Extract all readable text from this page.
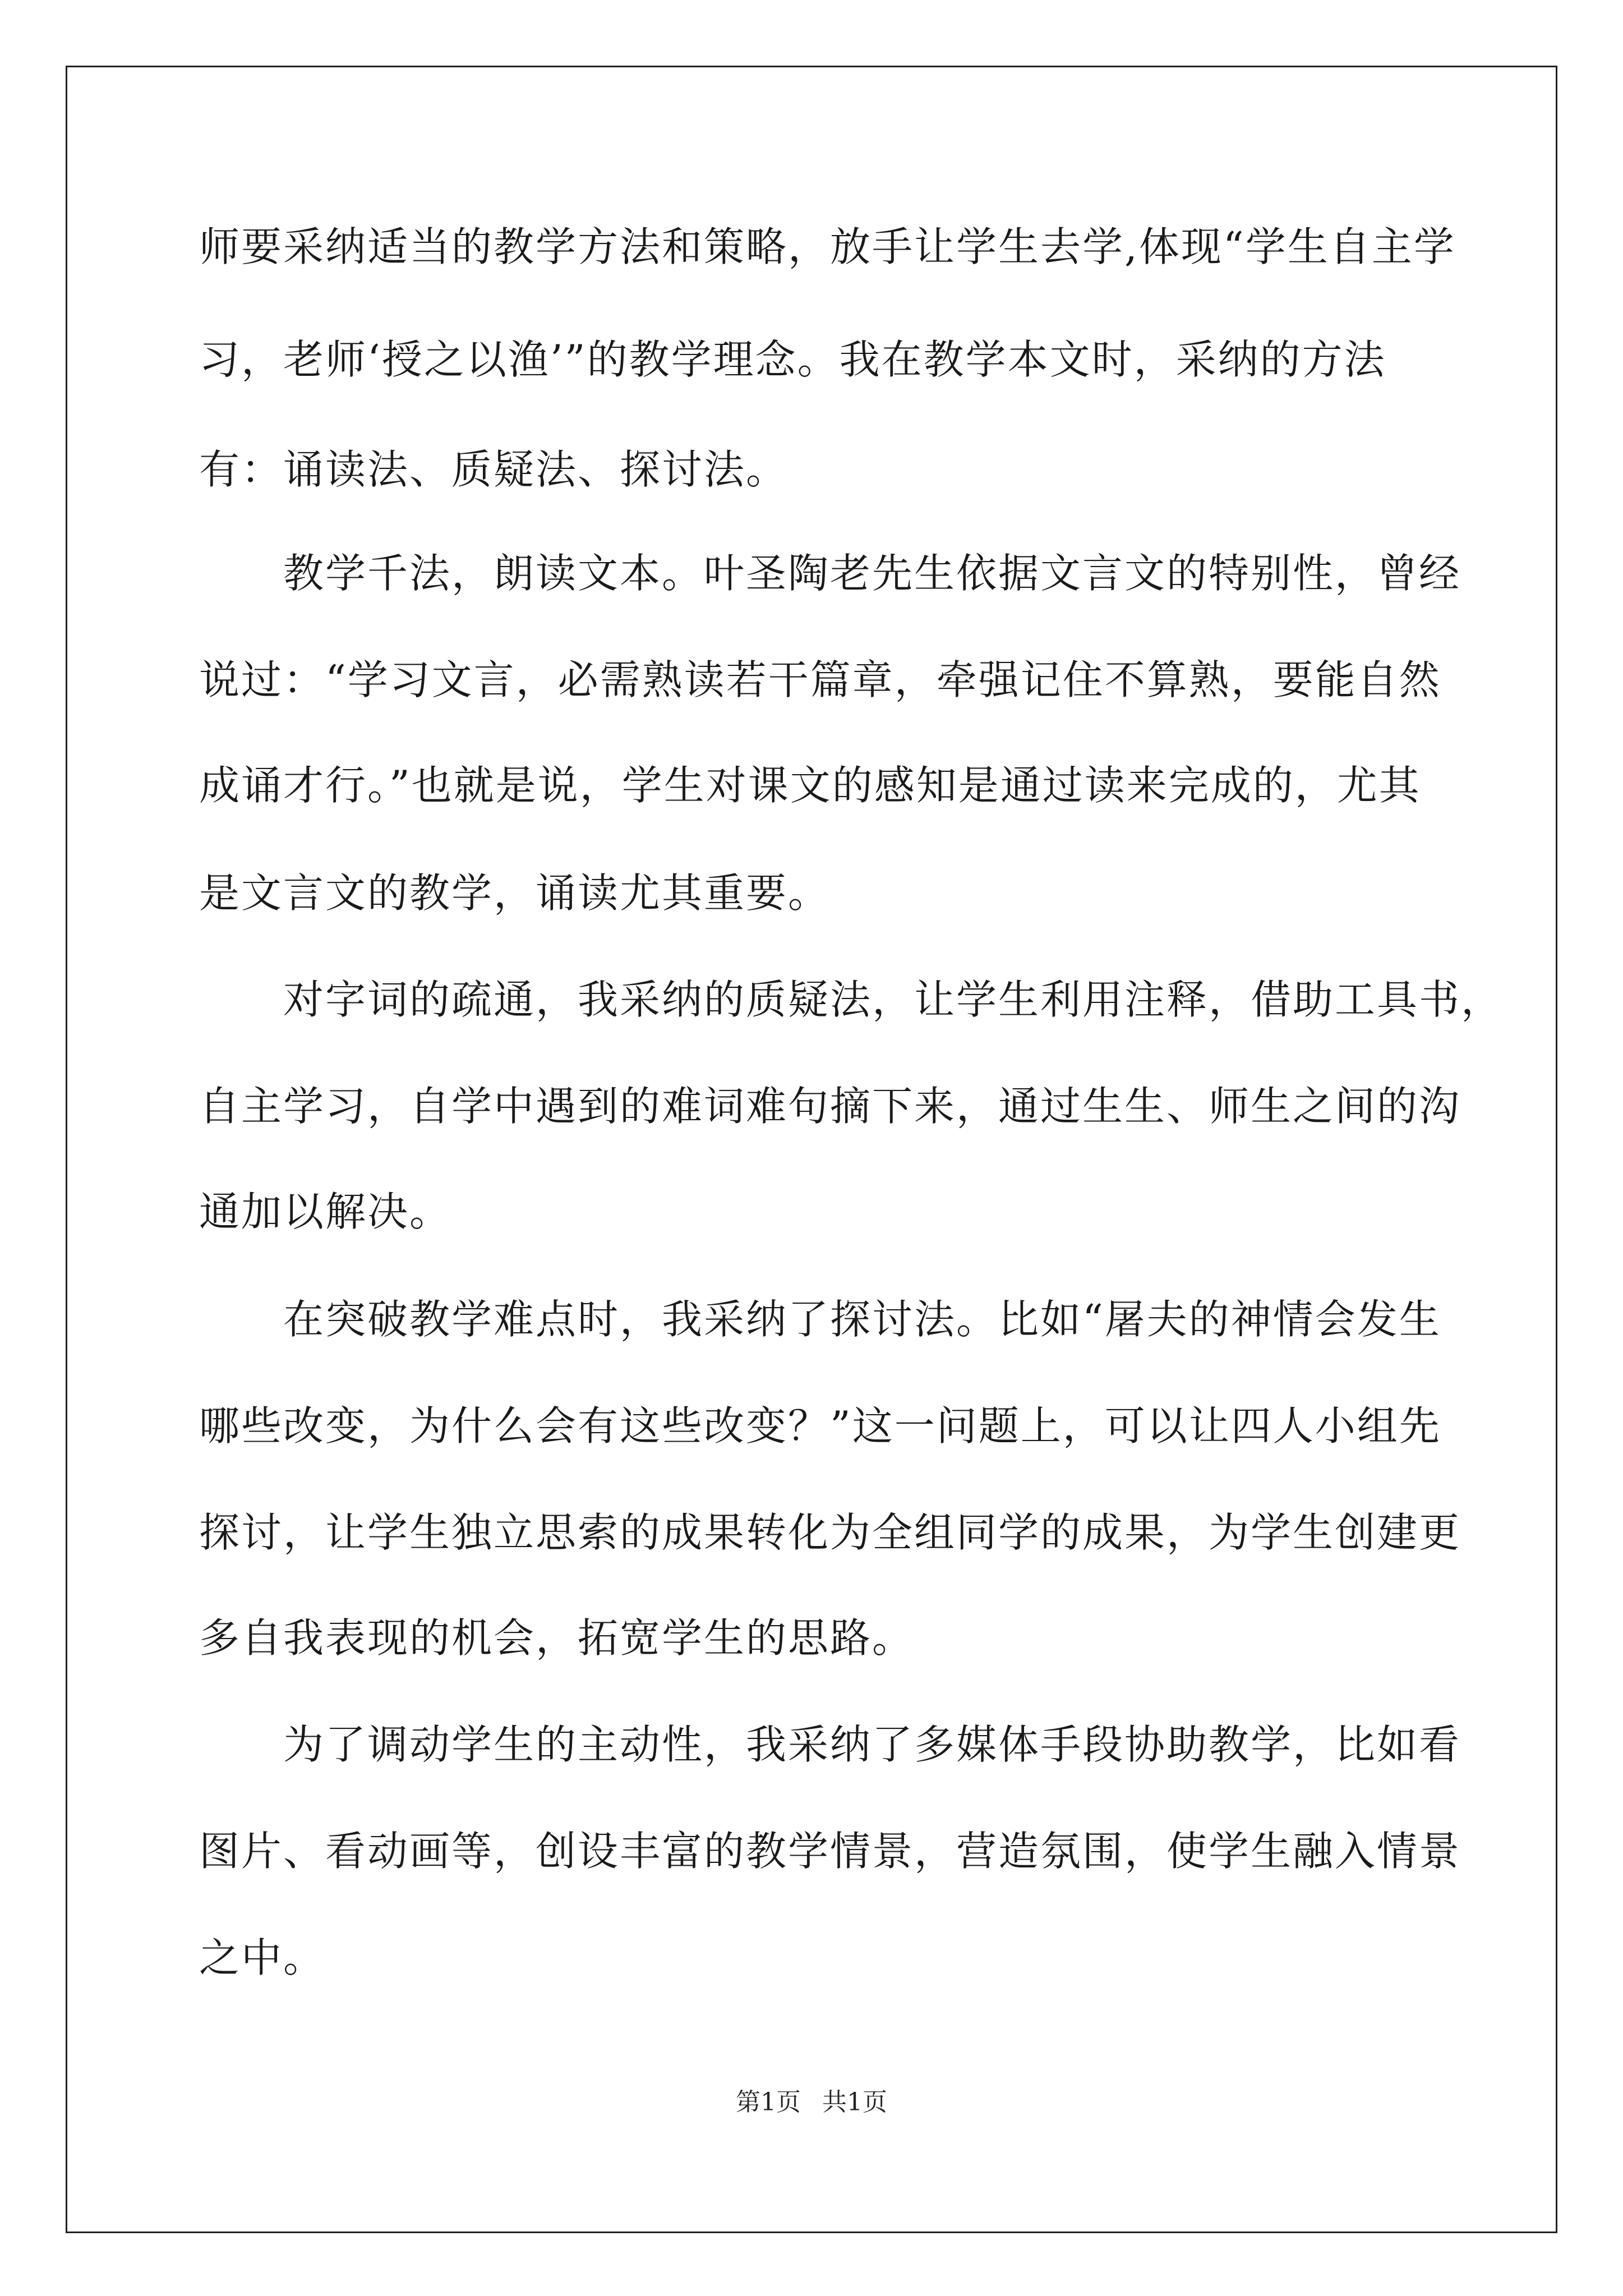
师要采纳适当的教学方法和策略，放手让学生去学,体现“学生自主学
习，老师‘授之以渔’”的教学理念。我在教学本文时，采纳的方法
有：诵读法、质疑法、探讨法。
　　教学千法，朗读文本。叶圣陶老先生依据文言文的特别性，曾经
说过：“学习文言，必需熟读若干篇章，牵强记住不算熟，要能自然
成诵才行。”也就是说，学生对课文的感知是通过读来完成的，尤其
是文言文的教学，诵读尤其重要。
　　对字词的疏通，我采纳的质疑法，让学生利用注释，借助工具书，
自主学习，自学中遇到的难词难句摘下来，通过生生、师生之间的沟
通加以解决。
　　在突破教学难点时，我采纳了探讨法。比如“屠夫的神情会发生
哪些改变，为什么会有这些改变？”这一问题上，可以让四人小组先
探讨，让学生独立思索的成果转化为全组同学的成果，为学生创建更
多自我表现的机会，拓宽学生的思路。
　　为了调动学生的主动性，我采纳了多媒体手段协助教学，比如看
图片、看动画等，创设丰富的教学情景，营造氛围，使学生融入情景
之中。
第1页 共1页
